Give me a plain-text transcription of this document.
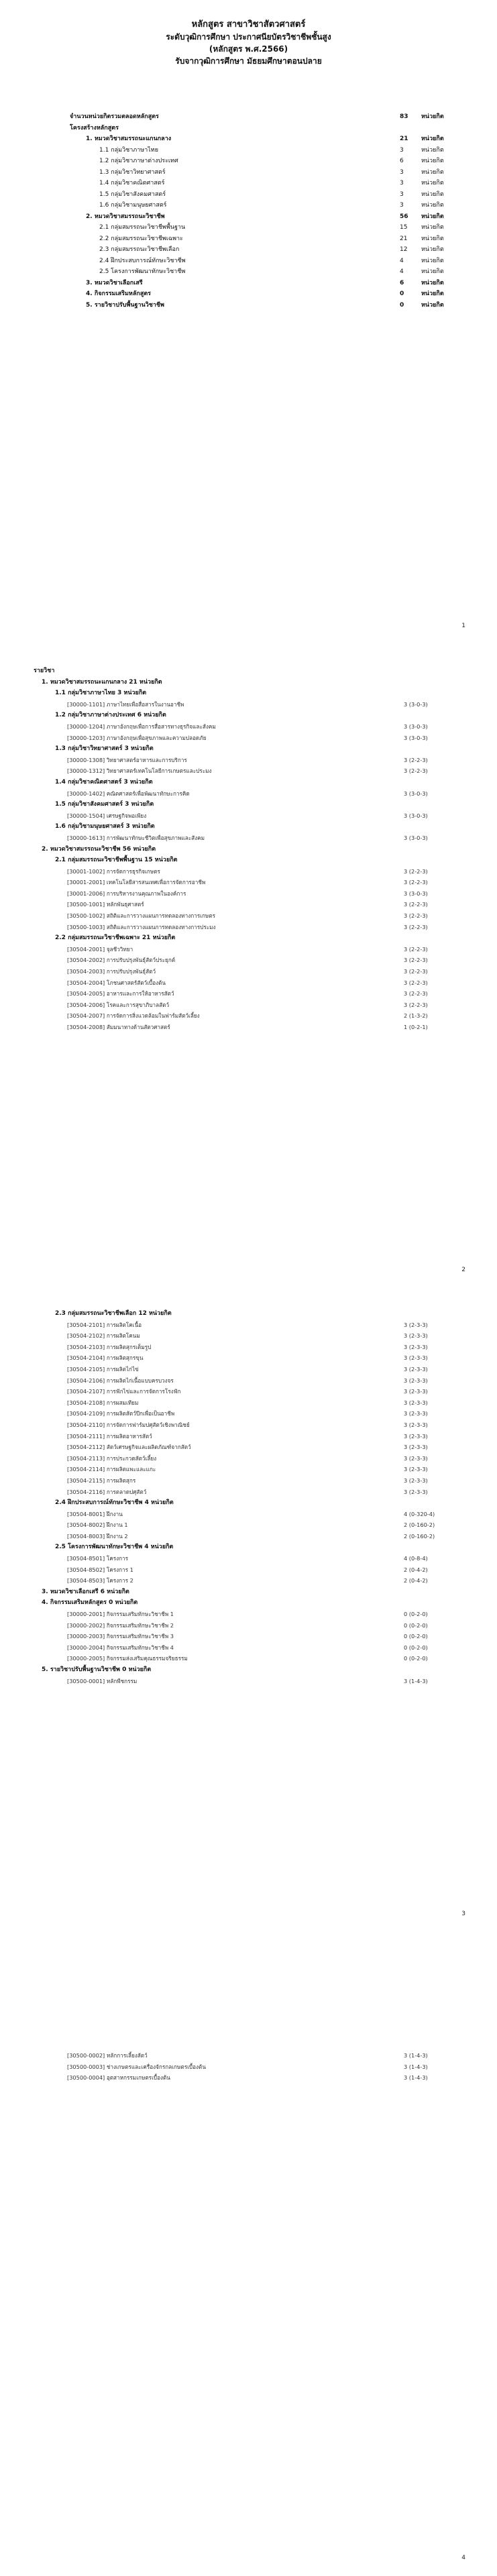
หลักสูตร สาขาวิชาสัตวศาสตร์
ระดับวุฒิการศึกษา ประกาศนียบัตรวิชาชีพชั้นสูง
(หลักสูตร พ.ศ.2566)
รับจากวุฒิการศึกษา มัธยมศึกษาตอนปลาย
จำนวนหน่วยกิตรวมตลอดหลักสูตร	83	หน่วยกิต
โครงสร้างหลักสูตร
1. หมวดวิชาสมรรถนะแกนกลาง	21	หน่วยกิต
1.1 กลุ่มวิชาภาษาไทย	3	หน่วยกิต
1.2 กลุ่มวิชาภาษาต่างประเทศ	6	หน่วยกิต
1.3 กลุ่มวิชาวิทยาศาสตร์	3	หน่วยกิต
1.4 กลุ่มวิชาคณิตศาสตร์	3	หน่วยกิต
1.5 กลุ่มวิชาสังคมศาสตร์	3	หน่วยกิต
1.6 กลุ่มวิชามนุษยศาสตร์	3	หน่วยกิต
2. หมวดวิชาสมรรถนะวิชาชีพ	56	หน่วยกิต
2.1 กลุ่มสมรรถนะวิชาชีพพื้นฐาน	15	หน่วยกิต
2.2 กลุ่มสมรรถนะวิชาชีพเฉพาะ	21	หน่วยกิต
2.3 กลุ่มสมรรถนะวิชาชีพเลือก	12	หน่วยกิต
2.4 ฝึกประสบการณ์ทักษะวิชาชีพ	4	หน่วยกิต
2.5 โครงการพัฒนาทักษะวิชาชีพ	4	หน่วยกิต
3. หมวดวิชาเลือกเสรี	6	หน่วยกิต
4. กิจกรรมเสริมหลักสูตร	0	หน่วยกิต
5. รายวิชาปรับพื้นฐานวิชาชีพ	0	หน่วยกิต
1
รายวิชา
1. หมวดวิชาสมรรถนะแกนกลาง 21 หน่วยกิต
1.1 กลุ่มวิชาภาษาไทย 3 หน่วยกิต
[30000-1101] ภาษาไทยเพื่อสื่อสารในงานอาชีพ	3 (3-0-3)
1.2 กลุ่มวิชาภาษาต่างประเทศ 6 หน่วยกิต
[30000-1204] ภาษาอังกฤษเพื่อการสื่อสารทางธุรกิจและสังคม	3 (3-0-3)
[30000-1203] ภาษาอังกฤษเพื่อสุขภาพและความปลอดภัย	3 (3-0-3)
1.3 กลุ่มวิชาวิทยาศาสตร์ 3 หน่วยกิต
[30000-1308] วิทยาศาสตร์อาหารและการบริการ	3 (2-2-3)
[30000-1312] วิทยาศาสตร์เทคโนโลยีการเกษตรและประมง	3 (2-2-3)
1.4 กลุ่มวิชาคณิตศาสตร์ 3 หน่วยกิต
[30000-1402] คณิตศาสตร์เพื่อพัฒนาทักษะการคิด	3 (3-0-3)
1.5 กลุ่มวิชาสังคมศาสตร์ 3 หน่วยกิต
[30000-1504] เศรษฐกิจพอเพียง	3 (3-0-3)
1.6 กลุ่มวิชามนุษยศาสตร์ 3 หน่วยกิต
[30000-1613] การพัฒนาทักษะชีวิตเพื่อสุขภาพและสังคม	3 (3-0-3)
2. หมวดวิชาสมรรถนะวิชาชีพ 56 หน่วยกิต
2.1 กลุ่มสมรรถนะวิชาชีพพื้นฐาน 15 หน่วยกิต
[30001-1002] การจัดการธุรกิจเกษตร	3 (2-2-3)
[30001-2001] เทคโนโลยีสารสนเทศเพื่อการจัดการอาชีพ	3 (2-2-3)
[30001-2006] การบริหารงานคุณภาพในองค์การ	3 (3-0-3)
[30500-1001] หลักพันธุศาสตร์	3 (2-2-3)
[30500-1002] สถิติและการวางแผนการทดลองทางการเกษตร	3 (2-2-3)
[30500-1003] สถิติและการวางแผนการทดลองทางการประมง	3 (2-2-3)
2.2 กลุ่มสมรรถนะวิชาชีพเฉพาะ 21 หน่วยกิต
[30504-2001] จุลชีววิทยา	3 (2-2-3)
[30504-2002] การปรับปรุงพันธุ์สัตว์ประยุกต์	3 (2-2-3)
[30504-2003] การปรับปรุงพันธุ์สัตว์	3 (2-2-3)
[30504-2004] โภชนศาสตร์สัตว์เบื้องต้น	3 (2-2-3)
[30504-2005] อาหารและการให้อาหารสัตว์	3 (2-2-3)
[30504-2006] โรคและการสุขาภิบาลสัตว์	3 (2-2-3)
[30504-2007] การจัดการสิ่งแวดล้อมในฟาร์มสัตว์เลี้ยง	2 (1-3-2)
[30504-2008] สัมมนาทางด้านสัตวศาสตร์	1 (0-2-1)
2
2.3 กลุ่มสมรรถนะวิชาชีพเลือก 12 หน่วยกิต
[30504-2101] การผลิตโคเนื้อ	3 (2-3-3)
[30504-2102] การผลิตโคนม	3 (2-3-3)
[30504-2103] การผลิตสุกรเต็มรูป	3 (2-3-3)
[30504-2104] การผลิตสุกรขุน	3 (2-3-3)
[30504-2105] การผลิตไก่ไข่	3 (2-3-3)
[30504-2106] การผลิตไก่เนื้อแบบครบวงจร	3 (2-3-3)
[30504-2107] การฟักไข่และการจัดการโรงฟัก	3 (2-3-3)
[30504-2108] การผสมเทียม	3 (2-3-3)
[30504-2109] การผลิตสัตว์ปีกเพื่อเป็นอาชีพ	3 (2-3-3)
[30504-2110] การจัดการฟาร์มปศุสัตว์เชิงพาณิชย์	3 (2-3-3)
[30504-2111] การผลิตอาหารสัตว์	3 (2-3-3)
[30504-2112] สัตว์เศรษฐกิจและผลิตภัณฑ์จากสัตว์	3 (2-3-3)
[30504-2113] การประกวดสัตว์เลี้ยง	3 (2-3-3)
[30504-2114] การผลิตแพะและแกะ	3 (2-3-3)
[30504-2115] การผลิตสุกร	3 (2-3-3)
[30504-2116] การตลาดปศุสัตว์	3 (2-3-3)
2.4 ฝึกประสบการณ์ทักษะวิชาชีพ 4 หน่วยกิต
[30504-8001] ฝึกงาน	4 (0-320-4)
[30504-8002] ฝึกงาน 1	2 (0-160-2)
[30504-8003] ฝึกงาน 2	2 (0-160-2)
2.5 โครงการพัฒนาทักษะวิชาชีพ 4 หน่วยกิต
[30504-8501] โครงการ	4 (0-8-4)
[30504-8502] โครงการ 1	2 (0-4-2)
[30504-8503] โครงการ 2	2 (0-4-2)
3. หมวดวิชาเลือกเสรี 6 หน่วยกิต
4. กิจกรรมเสริมหลักสูตร 0 หน่วยกิต
[30000-2001] กิจกรรมเสริมทักษะวิชาชีพ 1	0 (0-2-0)
[30000-2002] กิจกรรมเสริมทักษะวิชาชีพ 2	0 (0-2-0)
[30000-2003] กิจกรรมเสริมทักษะวิชาชีพ 3	0 (0-2-0)
[30000-2004] กิจกรรมเสริมทักษะวิชาชีพ 4	0 (0-2-0)
[30000-2005] กิจกรรมส่งเสริมคุณธรรมจริยธรรม	0 (0-2-0)
5. รายวิชาปรับพื้นฐานวิชาชีพ 0 หน่วยกิต
[30500-0001] หลักพืชกรรม	3 (1-4-3)
3
[30500-0002] หลักการเลี้ยงสัตว์	3 (1-4-3)
[30500-0003] ช่างเกษตรและเครื่องจักรกลเกษตรเบื้องต้น	3 (1-4-3)
[30500-0004] อุตสาหกรรมเกษตรเบื้องต้น	3 (1-4-3)
4
